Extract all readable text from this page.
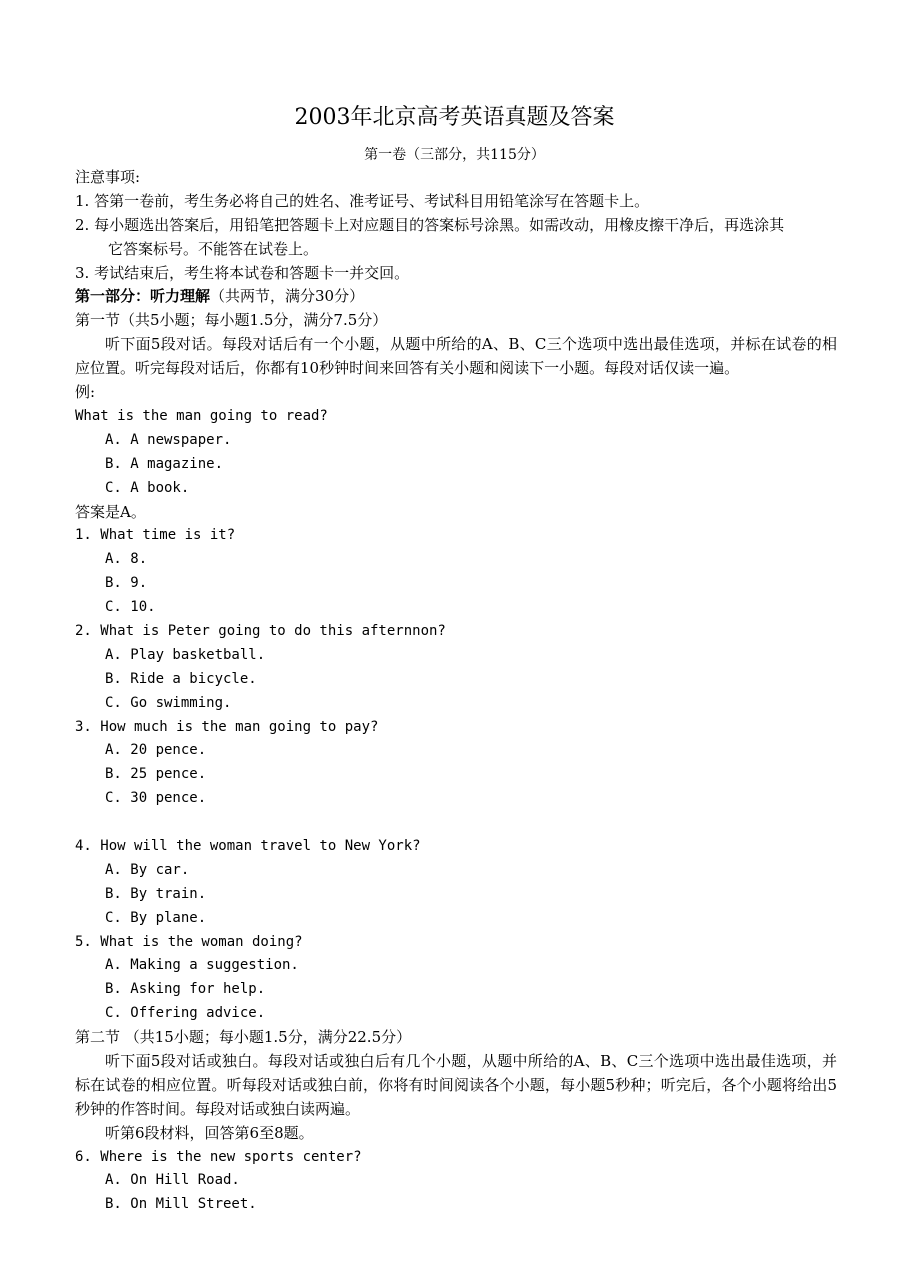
2003年北京高考英语真题及答案
第一卷（三部分，共115分）
注意事项:
1. 答第一卷前，考生务必将自己的姓名、准考证号、考试科目用铅笔涂写在答题卡上。
2. 每小题选出答案后，用铅笔把答题卡上对应题目的答案标号涂黑。如需改动，用橡皮擦干净后，再选涂其
它答案标号。不能答在试卷上。
3. 考试结束后，考生将本试卷和答题卡一并交回。
第一部分：听力理解（共两节，满分30分）
第一节（共5小题；每小题1.5分，满分7.5分）
听下面5段对话。每段对话后有一个小题，从题中所给的A、B、C三个选项中选出最佳选项，并标在试卷的相应位置。听完每段对话后，你都有10秒钟时间来回答有关小题和阅读下一小题。每段对话仅读一遍。
例:
What is the man going to read?
A. A newspaper.
B. A magazine.
C. A book.
答案是A。
1. What time is it?
A. 8.
B. 9.
C. 10.
2. What is Peter going to do this afternnon?
A. Play basketball.
B. Ride a bicycle.
C. Go swimming.
3. How much is the man going to pay?
A. 20 pence.
B. 25 pence.
C. 30 pence.
4. How will the woman travel to New York?
A. By car.
B. By train.
C. By plane.
5. What is the woman doing?
A. Making a suggestion.
B. Asking for help.
C. Offering advice.
第二节 （共15小题；每小题1.5分，满分22.5分）
听下面5段对话或独白。每段对话或独白后有几个小题，从题中所给的A、B、C三个选项中选出最佳选项，并标在试卷的相应位置。听每段对话或独白前，你将有时间阅读各个小题，每小题5秒种；听完后，各个小题将给出5秒钟的作答时间。每段对话或独白读两遍。
听第6段材料，回答第6至8题。
6. Where is the new sports center?
A. On Hill Road.
B. On Mill Street.
